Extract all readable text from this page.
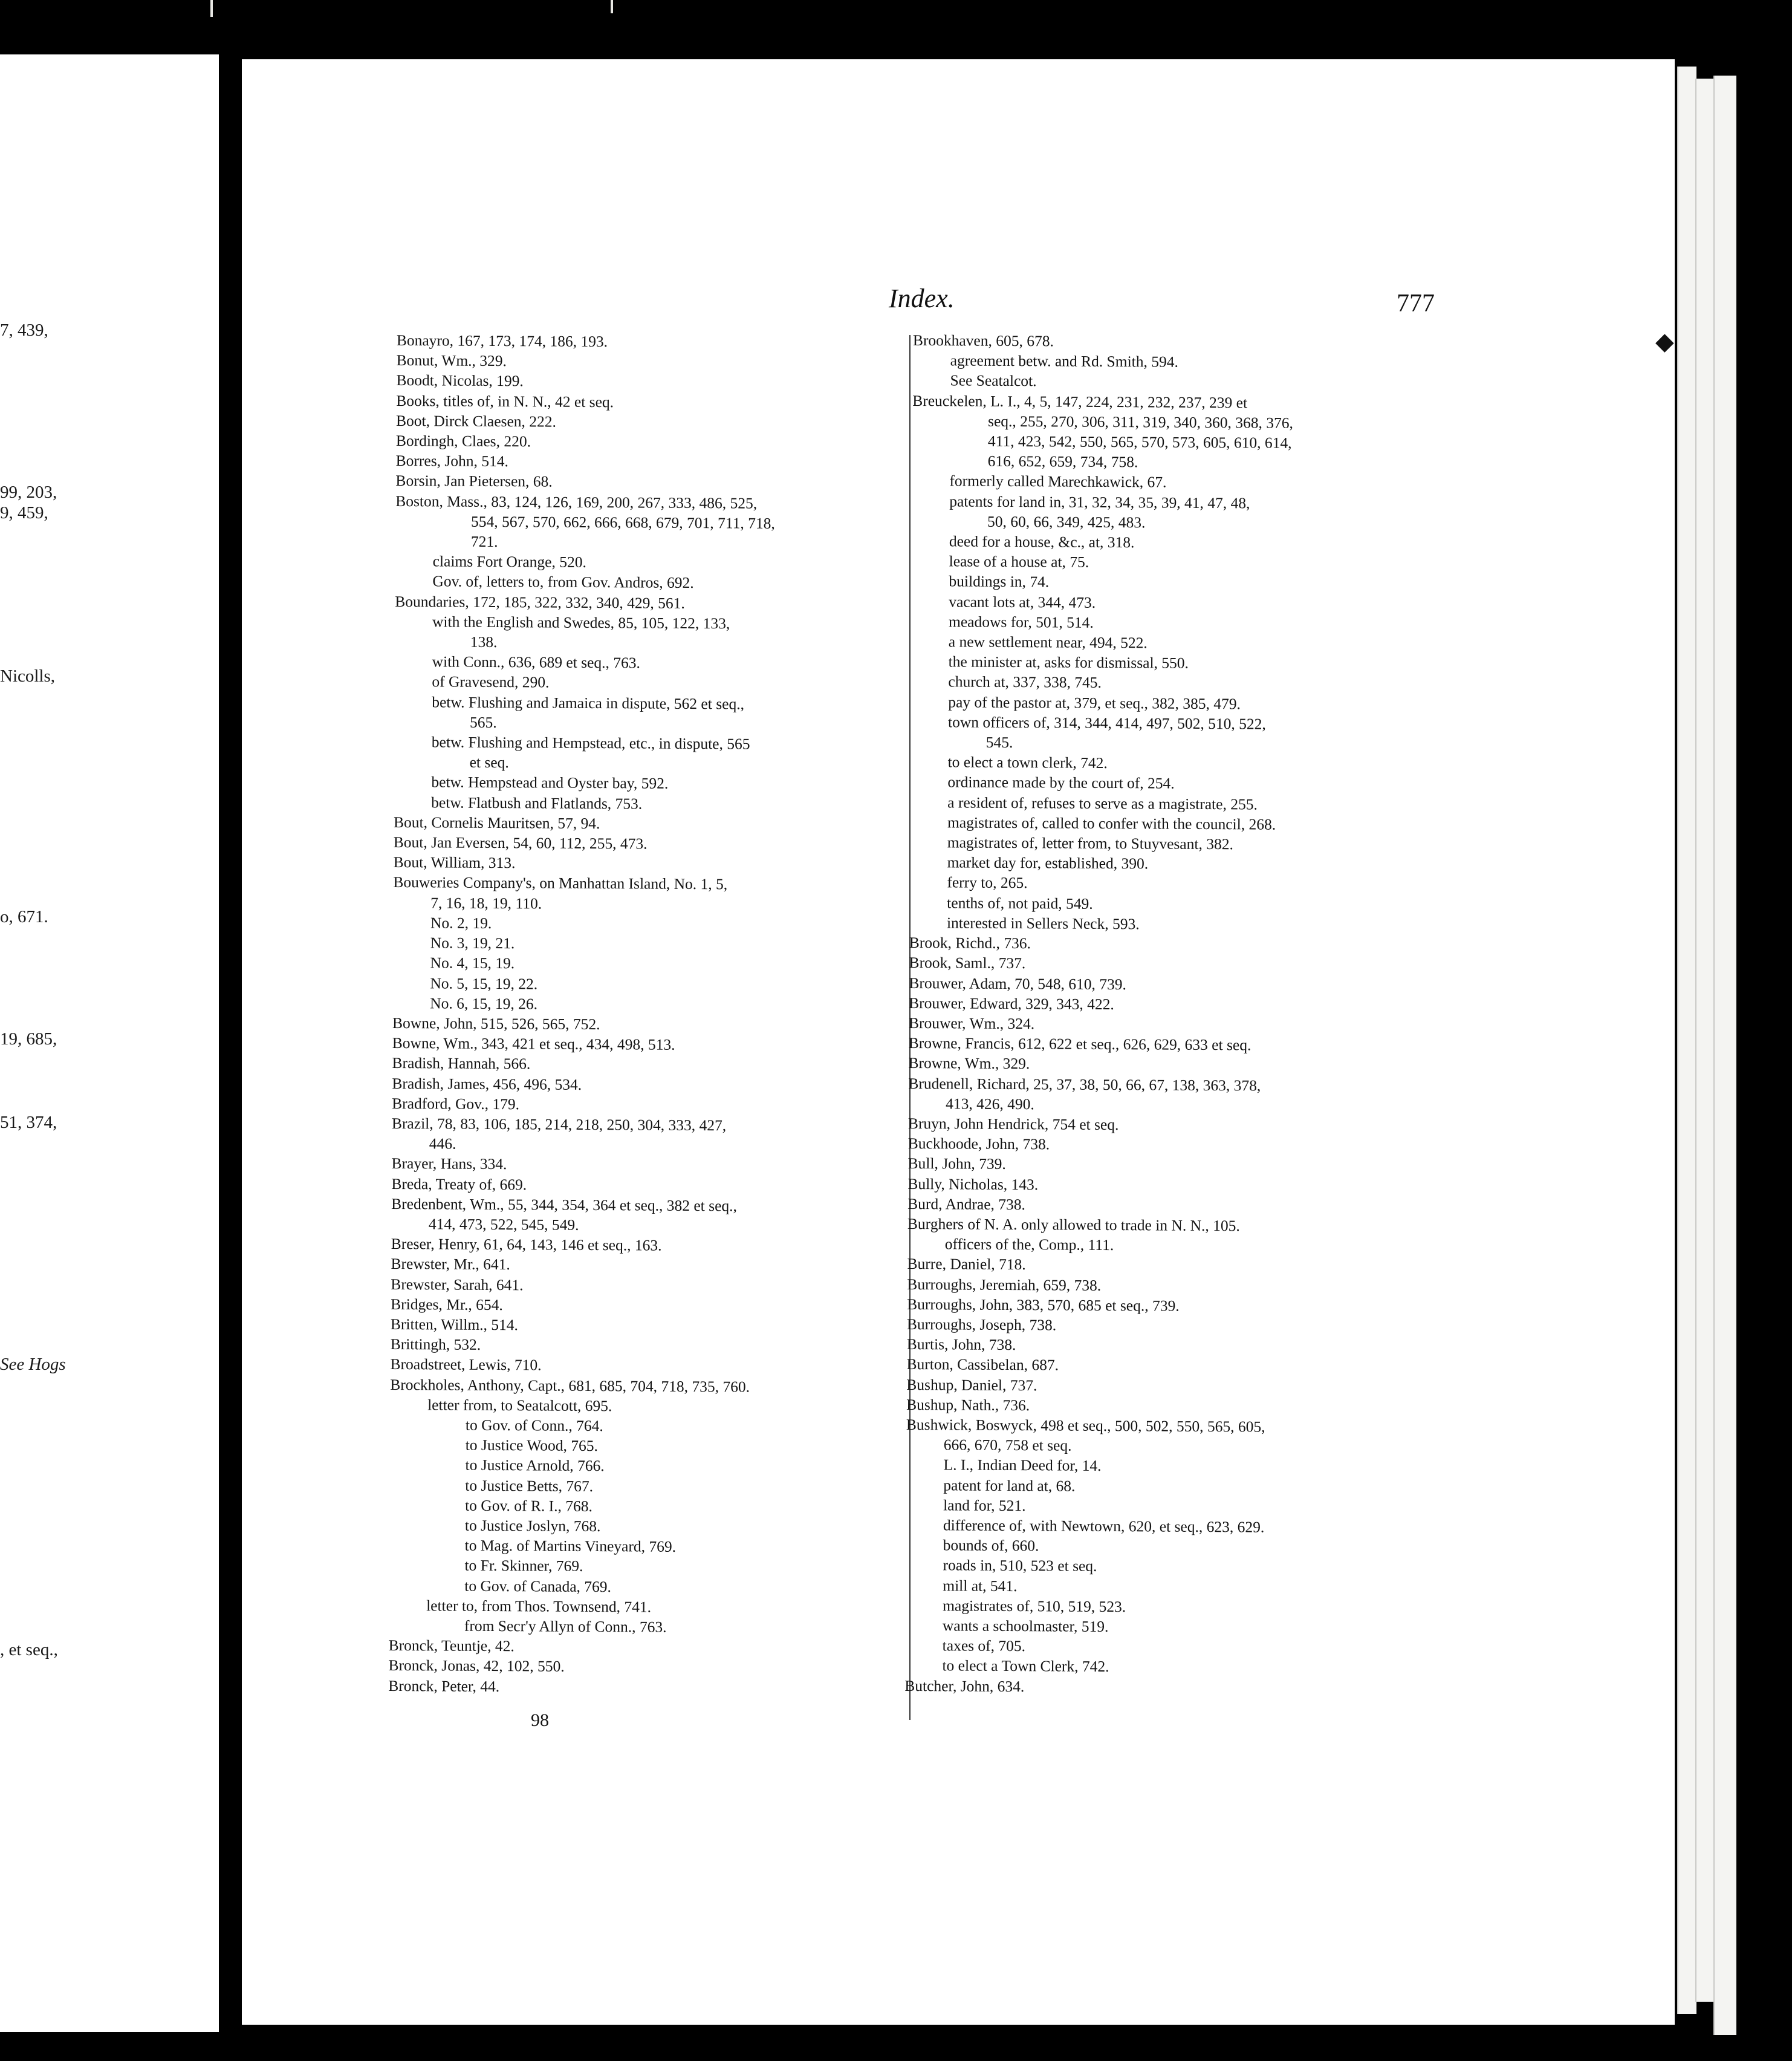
7, 439,
99, 203,
9, 459,
Nicolls,
o, 671.
19, 685,
51, 374,
See Hogs
, et seq.,
Index.	777
Bonayro, 167, 173, 174, 186, 193.
Bonut, Wm., 329.
Boodt, Nicolas, 199.
Books, titles of, in N. N., 42 et seq.
Boot, Dirck Claesen, 222.
Bordingh, Claes, 220.
Borres, John, 514.
Borsin, Jan Pietersen, 68.
Boston, Mass., 83, 124, 126, 169, 200, 267, 333, 486, 525,
554, 567, 570, 662, 666, 668, 679, 701, 711, 718,
721.
claims Fort Orange, 520.
Gov. of, letters to, from Gov. Andros, 692.
Boundaries, 172, 185, 322, 332, 340, 429, 561.
with the English and Swedes, 85, 105, 122, 133,
138.
with Conn., 636, 689 et seq., 763.
of Gravesend, 290.
betw. Flushing and Jamaica in dispute, 562 et seq.,
565.
betw. Flushing and Hempstead, etc., in dispute, 565
et seq.
betw. Hempstead and Oyster bay, 592.
betw. Flatbush and Flatlands, 753.
Bout, Cornelis Mauritsen, 57, 94.
Bout, Jan Eversen, 54, 60, 112, 255, 473.
Bout, William, 313.
Bouweries Company's, on Manhattan Island, No. 1, 5,
7, 16, 18, 19, 110.
No. 2, 19.
No. 3, 19, 21.
No. 4, 15, 19.
No. 5, 15, 19, 22.
No. 6, 15, 19, 26.
Bowne, John, 515, 526, 565, 752.
Bowne, Wm., 343, 421 et seq., 434, 498, 513.
Bradish, Hannah, 566.
Bradish, James, 456, 496, 534.
Bradford, Gov., 179.
Brazil, 78, 83, 106, 185, 214, 218, 250, 304, 333, 427,
446.
Brayer, Hans, 334.
Breda, Treaty of, 669.
Bredenbent, Wm., 55, 344, 354, 364 et seq., 382 et seq.,
414, 473, 522, 545, 549.
Breser, Henry, 61, 64, 143, 146 et seq., 163.
Brewster, Mr., 641.
Brewster, Sarah, 641.
Bridges, Mr., 654.
Britten, Willm., 514.
Brittingh, 532.
Broadstreet, Lewis, 710.
Brockholes, Anthony, Capt., 681, 685, 704, 718, 735, 760.
letter from, to Seatalcott, 695.
to Gov. of Conn., 764.
to Justice Wood, 765.
to Justice Arnold, 766.
to Justice Betts, 767.
to Gov. of R. I., 768.
to Justice Joslyn, 768.
to Mag. of Martins Vineyard, 769.
to Fr. Skinner, 769.
to Gov. of Canada, 769.
letter to, from Thos. Townsend, 741.
from Secr'y Allyn of Conn., 763.
Bronck, Teuntje, 42.
Bronck, Jonas, 42, 102, 550.
Bronck, Peter, 44.
Brookhaven, 605, 678.
agreement betw. and Rd. Smith, 594.
See Seatalcot.
Breuckelen, L. I., 4, 5, 147, 224, 231, 232, 237, 239 et
seq., 255, 270, 306, 311, 319, 340, 360, 368, 376,
411, 423, 542, 550, 565, 570, 573, 605, 610, 614,
616, 652, 659, 734, 758.
formerly called Marechkawick, 67.
patents for land in, 31, 32, 34, 35, 39, 41, 47, 48,
50, 60, 66, 349, 425, 483.
deed for a house, &c., at, 318.
lease of a house at, 75.
buildings in, 74.
vacant lots at, 344, 473.
meadows for, 501, 514.
a new settlement near, 494, 522.
the minister at, asks for dismissal, 550.
church at, 337, 338, 745.
pay of the pastor at, 379, et seq., 382, 385, 479.
town officers of, 314, 344, 414, 497, 502, 510, 522,
545.
to elect a town clerk, 742.
ordinance made by the court of, 254.
a resident of, refuses to serve as a magistrate, 255.
magistrates of, called to confer with the council, 268.
magistrates of, letter from, to Stuyvesant, 382.
market day for, established, 390.
ferry to, 265.
tenths of, not paid, 549.
interested in Sellers Neck, 593.
Brook, Richd., 736.
Brook, Saml., 737.
Brouwer, Adam, 70, 548, 610, 739.
Brouwer, Edward, 329, 343, 422.
Brouwer, Wm., 324.
Browne, Francis, 612, 622 et seq., 626, 629, 633 et seq.
Browne, Wm., 329.
Brudenell, Richard, 25, 37, 38, 50, 66, 67, 138, 363, 378,
413, 426, 490.
Bruyn, John Hendrick, 754 et seq.
Buckhoode, John, 738.
Bull, John, 739.
Bully, Nicholas, 143.
Burd, Andrae, 738.
Burghers of N. A. only allowed to trade in N. N., 105.
officers of the, Comp., 111.
Burre, Daniel, 718.
Burroughs, Jeremiah, 659, 738.
Burroughs, John, 383, 570, 685 et seq., 739.
Burroughs, Joseph, 738.
Burtis, John, 738.
Burton, Cassibelan, 687.
Bushup, Daniel, 737.
Bushup, Nath., 736.
Bushwick, Boswyck, 498 et seq., 500, 502, 550, 565, 605,
666, 670, 758 et seq.
L. I., Indian Deed for, 14.
patent for land at, 68.
land for, 521.
difference of, with Newtown, 620, et seq., 623, 629.
bounds of, 660.
roads in, 510, 523 et seq.
mill at, 541.
magistrates of, 510, 519, 523.
wants a schoolmaster, 519.
taxes of, 705.
to elect a Town Clerk, 742.
Butcher, John, 634.
98
◆
